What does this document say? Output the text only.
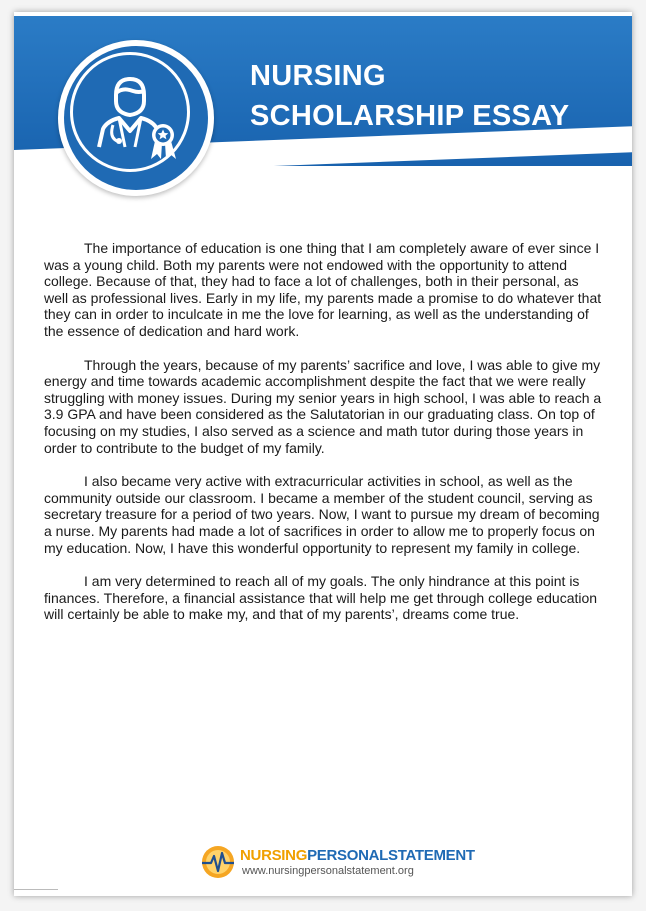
NURSING
SCHOLARSHIP ESSAY

The importance of education is one thing that I am completely aware of ever since I was a young child. Both my parents were not endowed with the opportunity to attend college. Because of that, they had to face a lot of challenges, both in their personal, as well as professional lives. Early in my life, my parents made a promise to do whatever that they can in order to inculcate in me the love for learning, as well as the understanding of the essence of dedication and hard work.

Through the years, because of my parents’ sacrifice and love, I was able to give my energy and time towards academic accomplishment despite the fact that we were really struggling with money issues. During my senior years in high school, I was able to reach a 3.9 GPA and have been considered as the Salutatorian in our graduating class. On top of focusing on my studies, I also served as a science and math tutor during those years in order to contribute to the budget of my family.

I also became very active with extracurricular activities in school, as well as the community outside our classroom. I became a member of the student council, serving as secretary treasure for a period of two years. Now, I want to pursue my dream of becoming a nurse. My parents had made a lot of sacrifices in order to allow me to properly focus on my education. Now, I have this wonderful opportunity to represent my family in college.

I am very determined to reach all of my goals. The only hindrance at this point is finances. Therefore, a financial assistance that will help me get through college education will certainly be able to make my, and that of my parents’, dreams come true.

NURSINGPERSONALSTATEMENT
www.nursingpersonalstatement.org
